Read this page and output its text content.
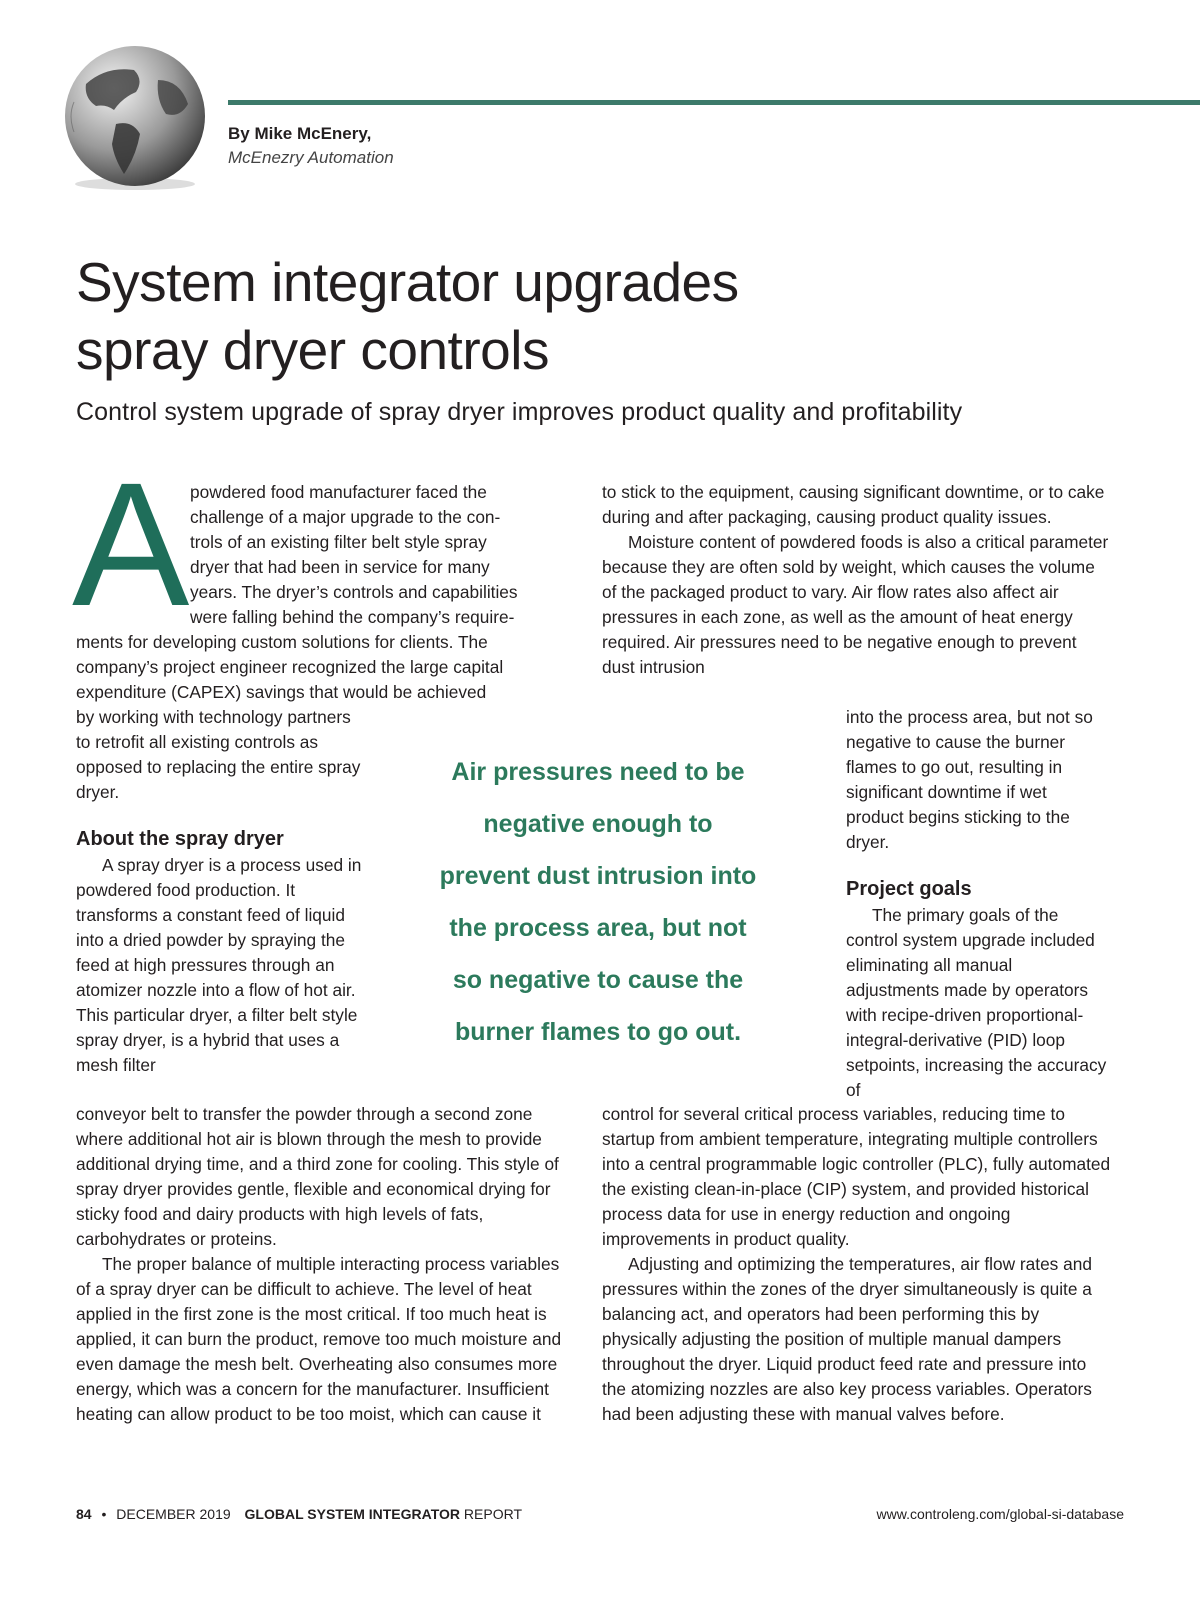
By Mike McEnery,
McEnezry Automation
System integrator upgrades
spray dryer controls
Control system upgrade of spray dryer improves product quality and profitability
A powdered food manufacturer faced the
challenge of a major upgrade to the con-
trols of an existing filter belt style spray
dryer that had been in service for many
years. The dryer’s controls and capabilities
were falling behind the company’s require-

ments for developing custom solutions for clients. The company’s project engineer recognized the large capital expenditure (CAPEX) savings that would be achieved

by working with technology partners to retrofit all existing controls as opposed to replacing the entire spray dryer.

About the spray dryer

A spray dryer is a process used in powdered food production. It transforms a constant feed of liquid into a dried powder by spraying the feed at high pressures through an atomizer nozzle into a flow of hot air. This particular dryer, a filter belt style spray dryer, is a hybrid that uses a mesh filter

conveyor belt to transfer the powder through a second zone where additional hot air is blown through the mesh to provide additional drying time, and a third zone for cooling. This style of spray dryer provides gentle, flexible and economical drying for sticky food and dairy products with high levels of fats, carbohydrates or proteins.

The proper balance of multiple interacting process variables of a spray dryer can be difficult to achieve. The level of heat applied in the first zone is the most critical. If too much heat is applied, it can burn the product, remove too much moisture and even damage the mesh belt. Overheating also consumes more energy, which was a concern for the manufacturer. Insufficient heating can allow product to be too moist, which can cause it

Air pressures need to be
negative enough to
prevent dust intrusion into
the process area, but not
so negative to cause the
burner flames to go out.

to stick to the equipment, causing significant downtime, or to cake during and after packaging, causing product quality issues.

Moisture content of powdered foods is also a critical parameter because they are often sold by weight, which causes the volume of the packaged product to vary. Air flow rates also affect air pressures in each zone, as well as the amount of heat energy required. Air pressures need to be negative enough to prevent dust intrusion

into the process area, but not so negative to cause the burner flames to go out, resulting in significant downtime if wet product begins sticking to the dryer.

Project goals

The primary goals of the control system upgrade included eliminating all manual adjustments made by operators with recipe-driven proportional-integral-derivative (PID) loop setpoints, increasing the accuracy of

control for several critical process variables, reducing time to startup from ambient temperature, integrating multiple controllers into a central programmable logic controller (PLC), fully automated the existing clean-in-place (CIP) system, and provided historical process data for use in energy reduction and ongoing improvements in product quality.

Adjusting and optimizing the temperatures, air flow rates and pressures within the zones of the dryer simultaneously is quite a balancing act, and operators had been performing this by physically adjusting the position of multiple manual dampers throughout the dryer. Liquid product feed rate and pressure into the atomizing nozzles are also key process variables. Operators had been adjusting these with manual valves before.

84 • DECEMBER 2019 GLOBAL SYSTEM INTEGRATOR REPORT	www.controleng.com/global-si-database
